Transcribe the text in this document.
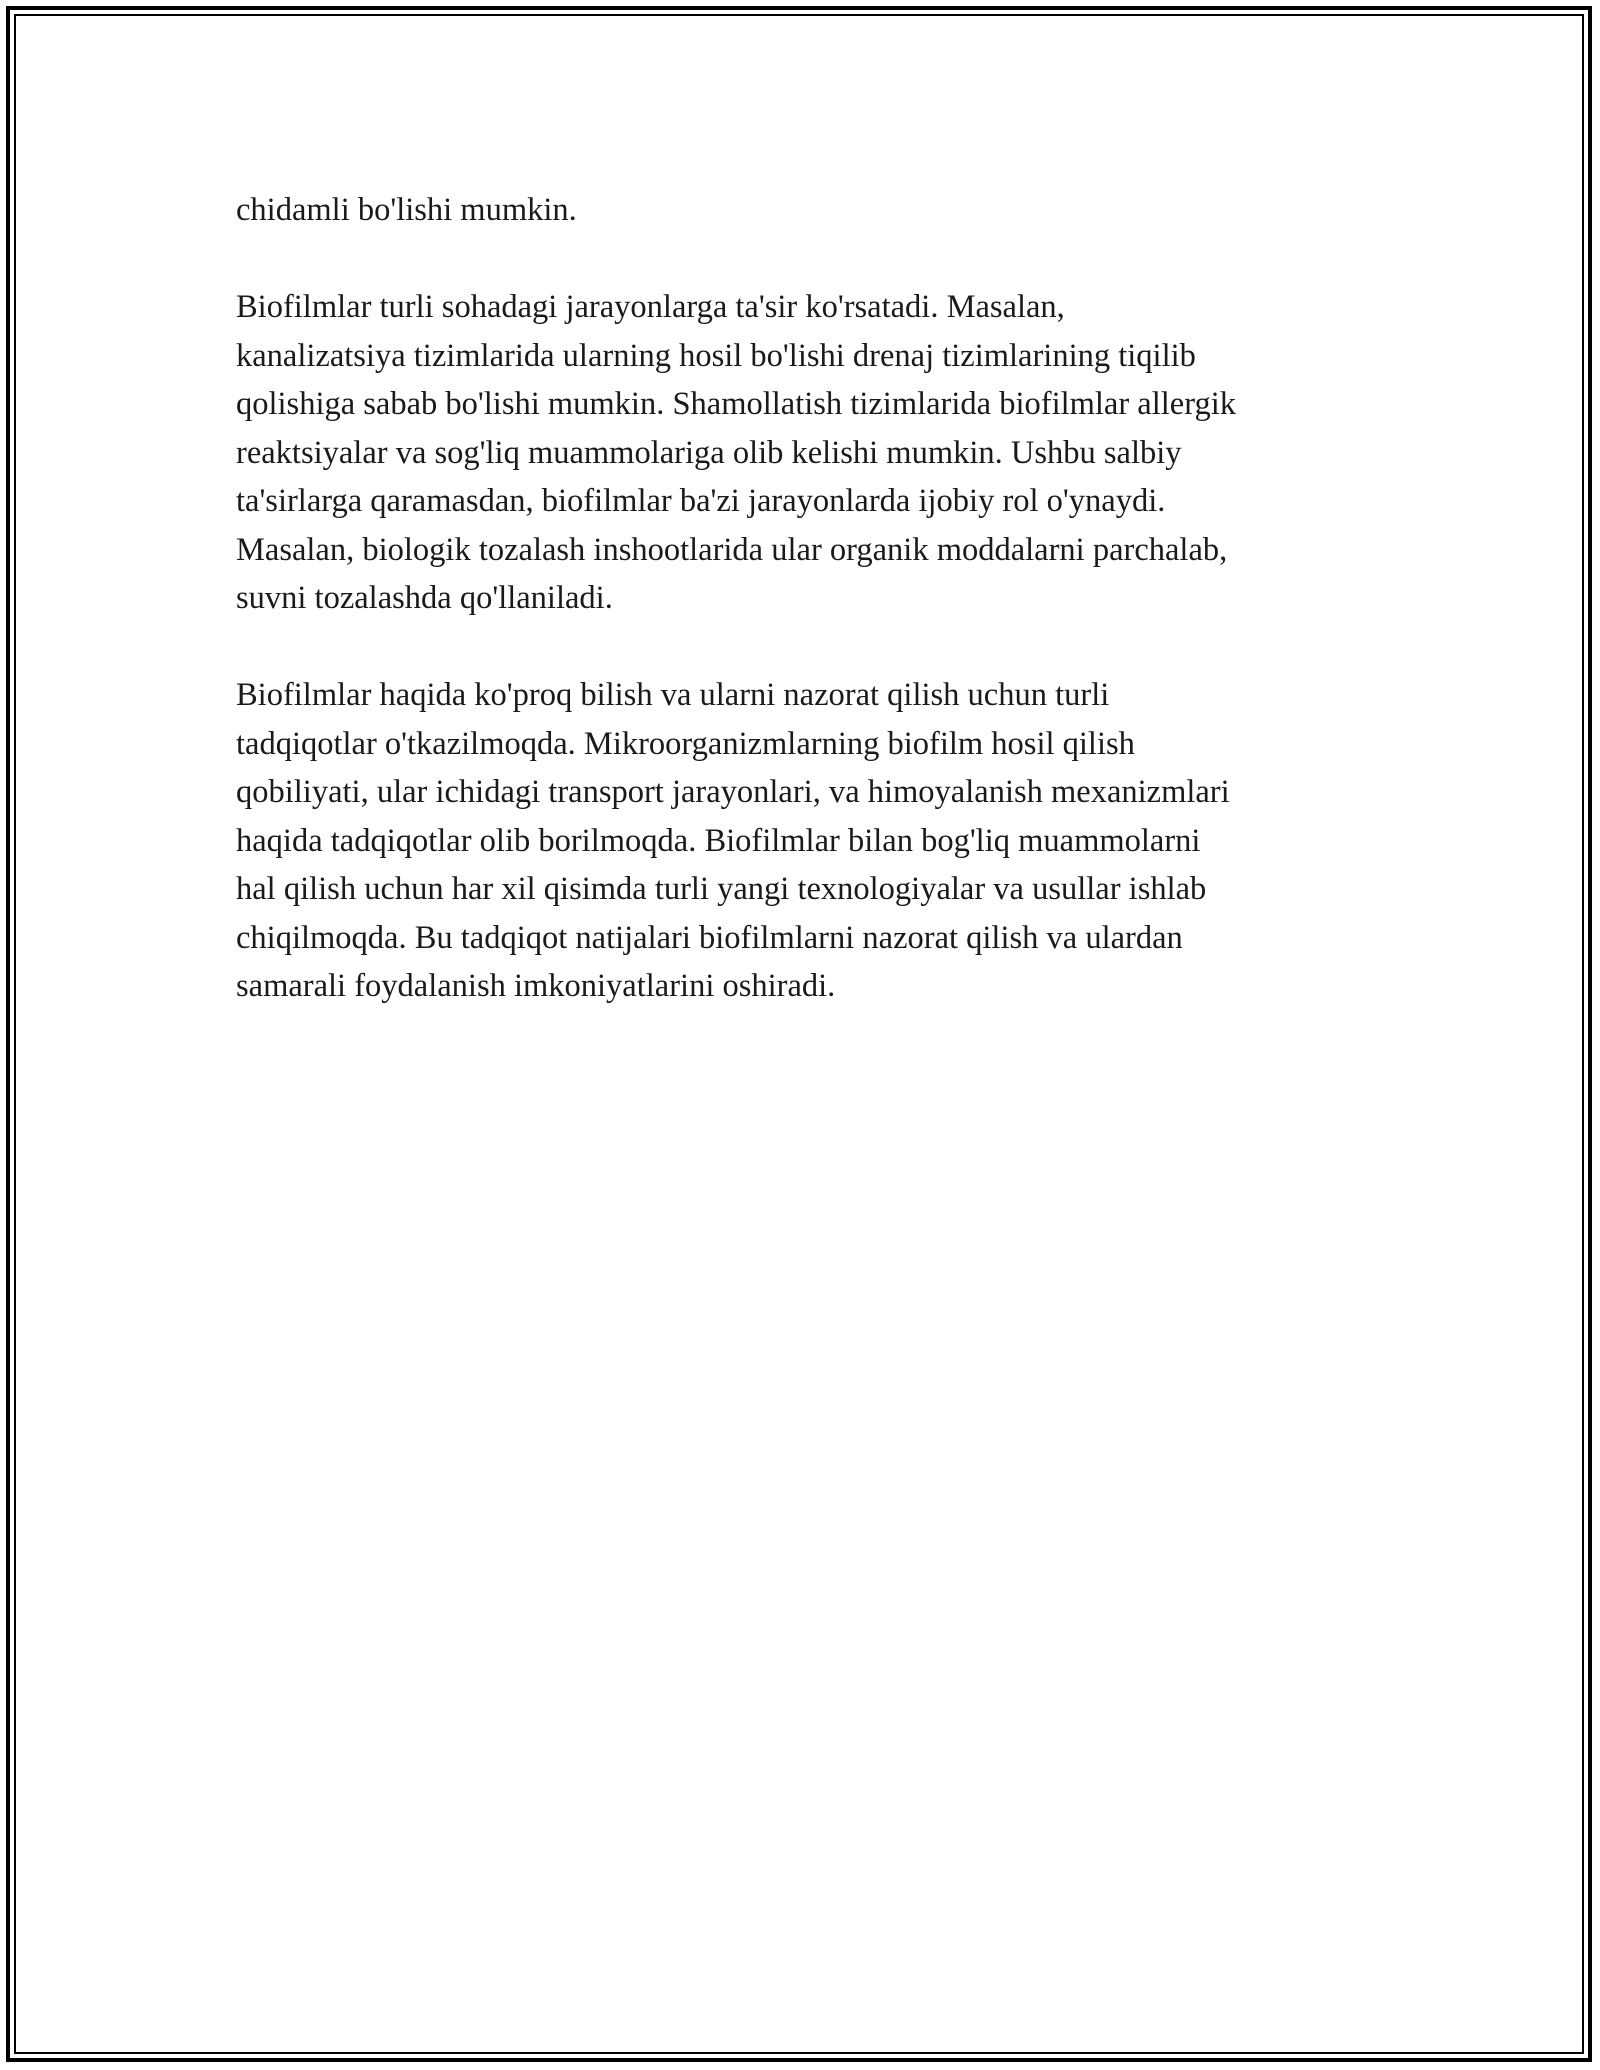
chidamli bo'lishi mumkin.

Biofilmlar turli sohadagi jarayonlarga ta'sir ko'rsatadi. Masalan,
kanalizatsiya tizimlarida ularning hosil bo'lishi drenaj tizimlarining tiqilib
qolishiga sabab bo'lishi mumkin. Shamollatish tizimlarida biofilmlar allergik
reaktsiyalar va sog'liq muammolariga olib kelishi mumkin. Ushbu salbiy
ta'sirlarga qaramasdan, biofilmlar ba'zi jarayonlarda ijobiy rol o'ynaydi.
Masalan, biologik tozalash inshootlarida ular organik moddalarni parchalab,
suvni tozalashda qo'llaniladi.

Biofilmlar haqida ko'proq bilish va ularni nazorat qilish uchun turli
tadqiqotlar o'tkazilmoqda. Mikroorganizmlarning biofilm hosil qilish
qobiliyati, ular ichidagi transport jarayonlari, va himoyalanish mexanizmlari
haqida tadqiqotlar olib borilmoqda. Biofilmlar bilan bog'liq muammolarni
hal qilish uchun har xil qisimda turli yangi texnologiyalar va usullar ishlab
chiqilmoqda. Bu tadqiqot natijalari biofilmlarni nazorat qilish va ulardan
samarali foydalanish imkoniyatlarini oshiradi.
